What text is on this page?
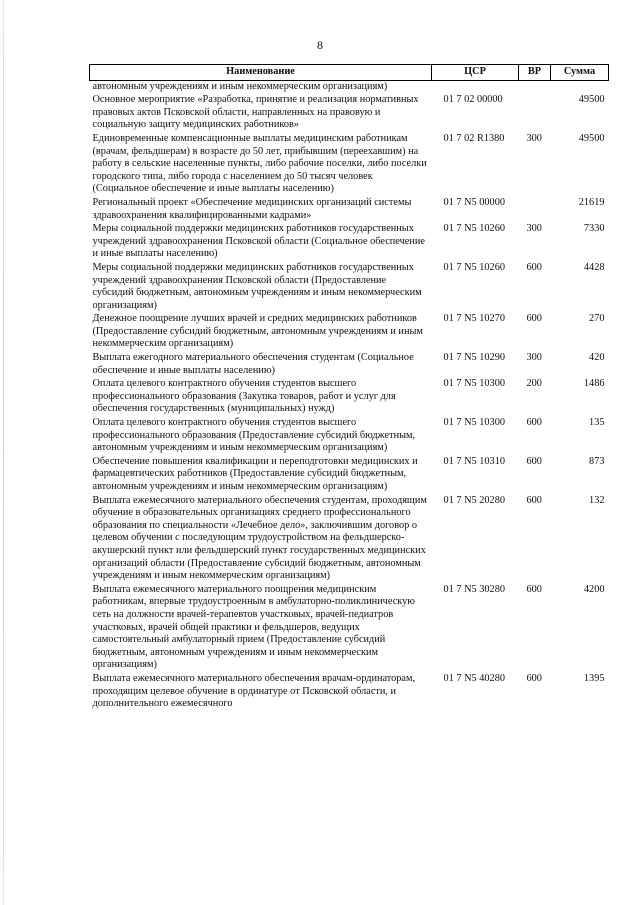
8
Наименование	ЦСР	ВР	Сумма
автономным учреждениям и иным некоммерческим организациям)			
Основное мероприятие «Разработка, принятие и реализация нормативных правовых актов Псковской области, направленных на правовую и социальную защиту медицинских работников»	01 7 02 00000		49500
Единовременные компенсационные выплаты медицинским работникам (врачам, фельдшерам) в возрасте до 50 лет, прибывшим (переехавшим) на работу в сельские населенные пункты, либо рабочие поселки, либо поселки городского типа, либо города с населением до 50 тысяч человек (Социальное обеспечение и иные выплаты населению)	01 7 02 R1380	300	49500
Региональный проект «Обеспечение медицинских организаций системы здравоохранения квалифицированными кадрами»	01 7 N5 00000		21619
Меры социальной поддержки медицинских работников государственных учреждений здравоохранения Псковской области (Социальное обеспечение и иные выплаты населению)	01 7 N5 10260	300	7330
Меры социальной поддержки медицинских работников государственных учреждений здравоохранения Псковской области (Предоставление субсидий бюджетным, автономным учреждениям и иным некоммерческим организациям)	01 7 N5 10260	600	4428
Денежное поощрение лучших врачей и средних медицинских работников (Предоставление субсидий бюджетным, автономным учреждениям и иным некоммерческим организациям)	01 7 N5 10270	600	270
Выплата ежегодного материального обеспечения студентам (Социальное обеспечение и иные выплаты населению)	01 7 N5 10290	300	420
Оплата целевого контрактного обучения студентов высшего профессионального образования (Закупка товаров, работ и услуг для обеспечения государственных (муниципальных) нужд)	01 7 N5 10300	200	1486
Оплата целевого контрактного обучения студентов высшего профессионального образования (Предоставление субсидий бюджетным, автономным учреждениям и иным некоммерческим организациям)	01 7 N5 10300	600	135
Обеспечение повышения квалификации и переподготовки медицинских и фармацевтических работников (Предоставление субсидий бюджетным, автономным учреждениям и иным некоммерческим организациям)	01 7 N5 10310	600	873
Выплата ежемесячного материального обеспечения студентам, проходящим обучение в образовательных организациях среднего профессионального образования по специальности «Лечебное дело», заключившим договор о целевом обучении с последующим трудоустройством на фельдшерско-акушерский пункт или фельдшерский пункт государственных медицинских организаций области (Предоставление субсидий бюджетным, автономным учреждениям и иным некоммерческим организациям)	01 7 N5 20280	600	132
Выплата ежемесячного материального поощрения медицинским работникам, впервые трудоустроенным в амбулаторно-поликлиническую сеть на должности врачей-терапевтов участковых, врачей-педиатров участковых, врачей общей практики и фельдшеров, ведущих самостоятельный амбулаторный прием (Предоставление субсидий бюджетным, автономным учреждениям и иным некоммерческим организациям)	01 7 N5 30280	600	4200
Выплата ежемесячного материального обеспечения врачам-ординаторам, проходящим целевое обучение в ординатуре от Псковской области, и дополнительного ежемесячного	01 7 N5 40280	600	1395
